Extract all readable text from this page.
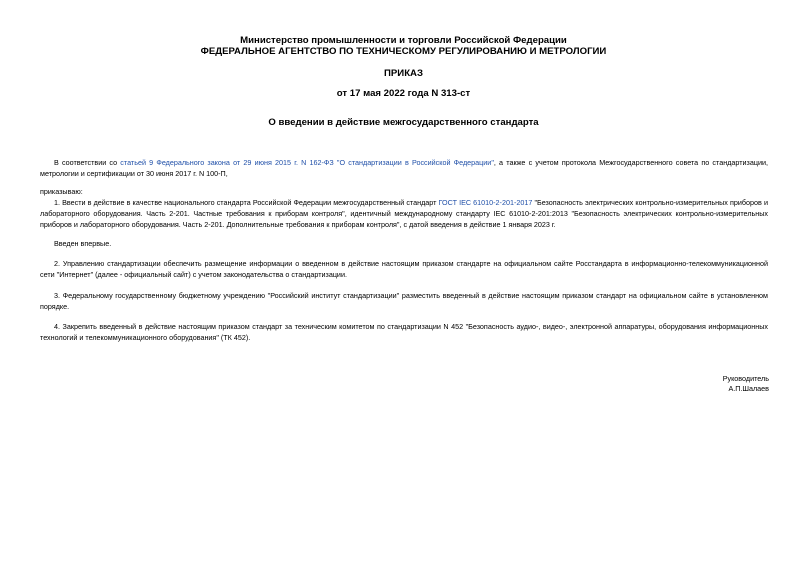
Министерство промышленности и торговли Российской Федерации
ФЕДЕРАЛЬНОЕ АГЕНТСТВО ПО ТЕХНИЧЕСКОМУ РЕГУЛИРОВАНИЮ И МЕТРОЛОГИИ
ПРИКАЗ
от 17 мая 2022 года N 313-ст
О введении в действие межгосударственного стандарта
В соответствии со статьей 9 Федерального закона от 29 июня 2015 г. N 162-ФЗ "О стандартизации в Российской Федерации", а также с учетом протокола Межгосударственного совета по стандартизации, метрологии и сертификации от 30 июня 2017 г. N 100-П,
приказываю:
1. Ввести в действие в качестве национального стандарта Российской Федерации межгосударственный стандарт ГОСТ IEC 61010-2-201-2017 "Безопасность электрических контрольно-измерительных приборов и лабораторного оборудования. Часть 2-201. Частные требования к приборам контроля", идентичный международному стандарту IEC 61010-2-201:2013 "Безопасность электрических контрольно-измерительных приборов и лабораторного оборудования. Часть 2-201. Дополнительные требования к приборам контроля", с датой введения в действие 1 января 2023 г.
Введен впервые.
2. Управлению стандартизации обеспечить размещение информации о введенном в действие настоящим приказом стандарте на официальном сайте Росстандарта в информационно-телекоммуникационной сети "Интернет" (далее - официальный сайт) с учетом законодательства о стандартизации.
3. Федеральному государственному бюджетному учреждению "Российский институт стандартизации" разместить введенный в действие настоящим приказом стандарт на официальном сайте в установленном порядке.
4. Закрепить введенный в действие настоящим приказом стандарт за техническим комитетом по стандартизации N 452 "Безопасность аудио-, видео-, электронной аппаратуры, оборудования информационных технологий и телекоммуникационного оборудования" (ТК 452).
Руководитель
А.П.Шалаев
